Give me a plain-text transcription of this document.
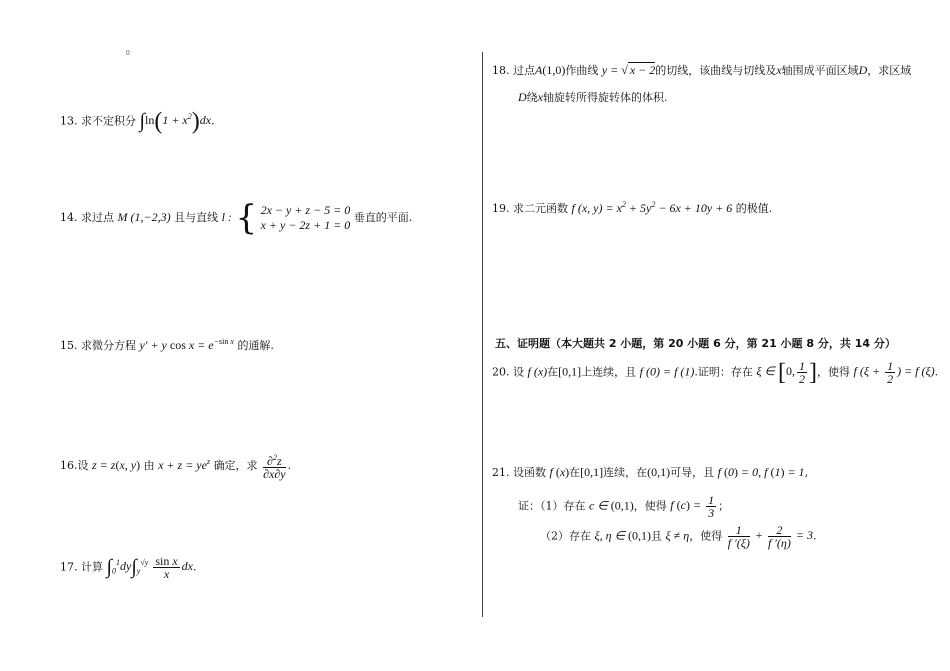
0
13. 求不定积分 $\int\ln(1 + x^2)dx$.
14. 求过点 M (1,−2,3) 且与直线 l : { 2x − y + z − 5 = 0
x + y − 2z + 1 = 0
垂直的平面.
15. 求微分方程 y′ + y $\cos x = e^{-sin x}$ 的通解.
16.设 z = z(x, y) 由 $x + z = ye^z$ 确定，求 $\frac{\partial^2z}{\partial x\partial y}$ .
17. 计算 $\int_0^1dy\int_y^{√y} \frac{\text{sin x}}{x}$ dx.
18. 过点A(1,0)作曲线 y = √ x − 2的切线，该曲线与切线及x轴围成平面区域D，求区域
D绕x轴旋转所得旋转体的体积.
19. 求二元函数 f (x, $y) = x^2 + 5y^2 - 6x + 10y + 6$ 的极值.
五、证明题（本大题共 2 小题，第 20 小题 6 分，第 21 小题 8 分，共 14 分）
20. 设 f (x)在[0,1]上连续，且 f (0) = f (1).证明：存在 ξ ∈ [0, $\frac{1}{2}$ ]，使得 f ($\xi + \frac{1}{2}$ ) = f (ξ).
21. 设函数 f (x)在[0,1]连续，在(0,1)可导，且 f (0) = 0, f (1) = 1,
证：（1）存在 c ∈ (0,1)，使得 f $(c) = \frac{1}{3}$ ；
（2）存在 ξ, η ∈ (0,1)且 ξ ≠ η，使得 $\frac{1}{f '(\xi)} + \frac{2}{f '(\eta)} = 3$.
